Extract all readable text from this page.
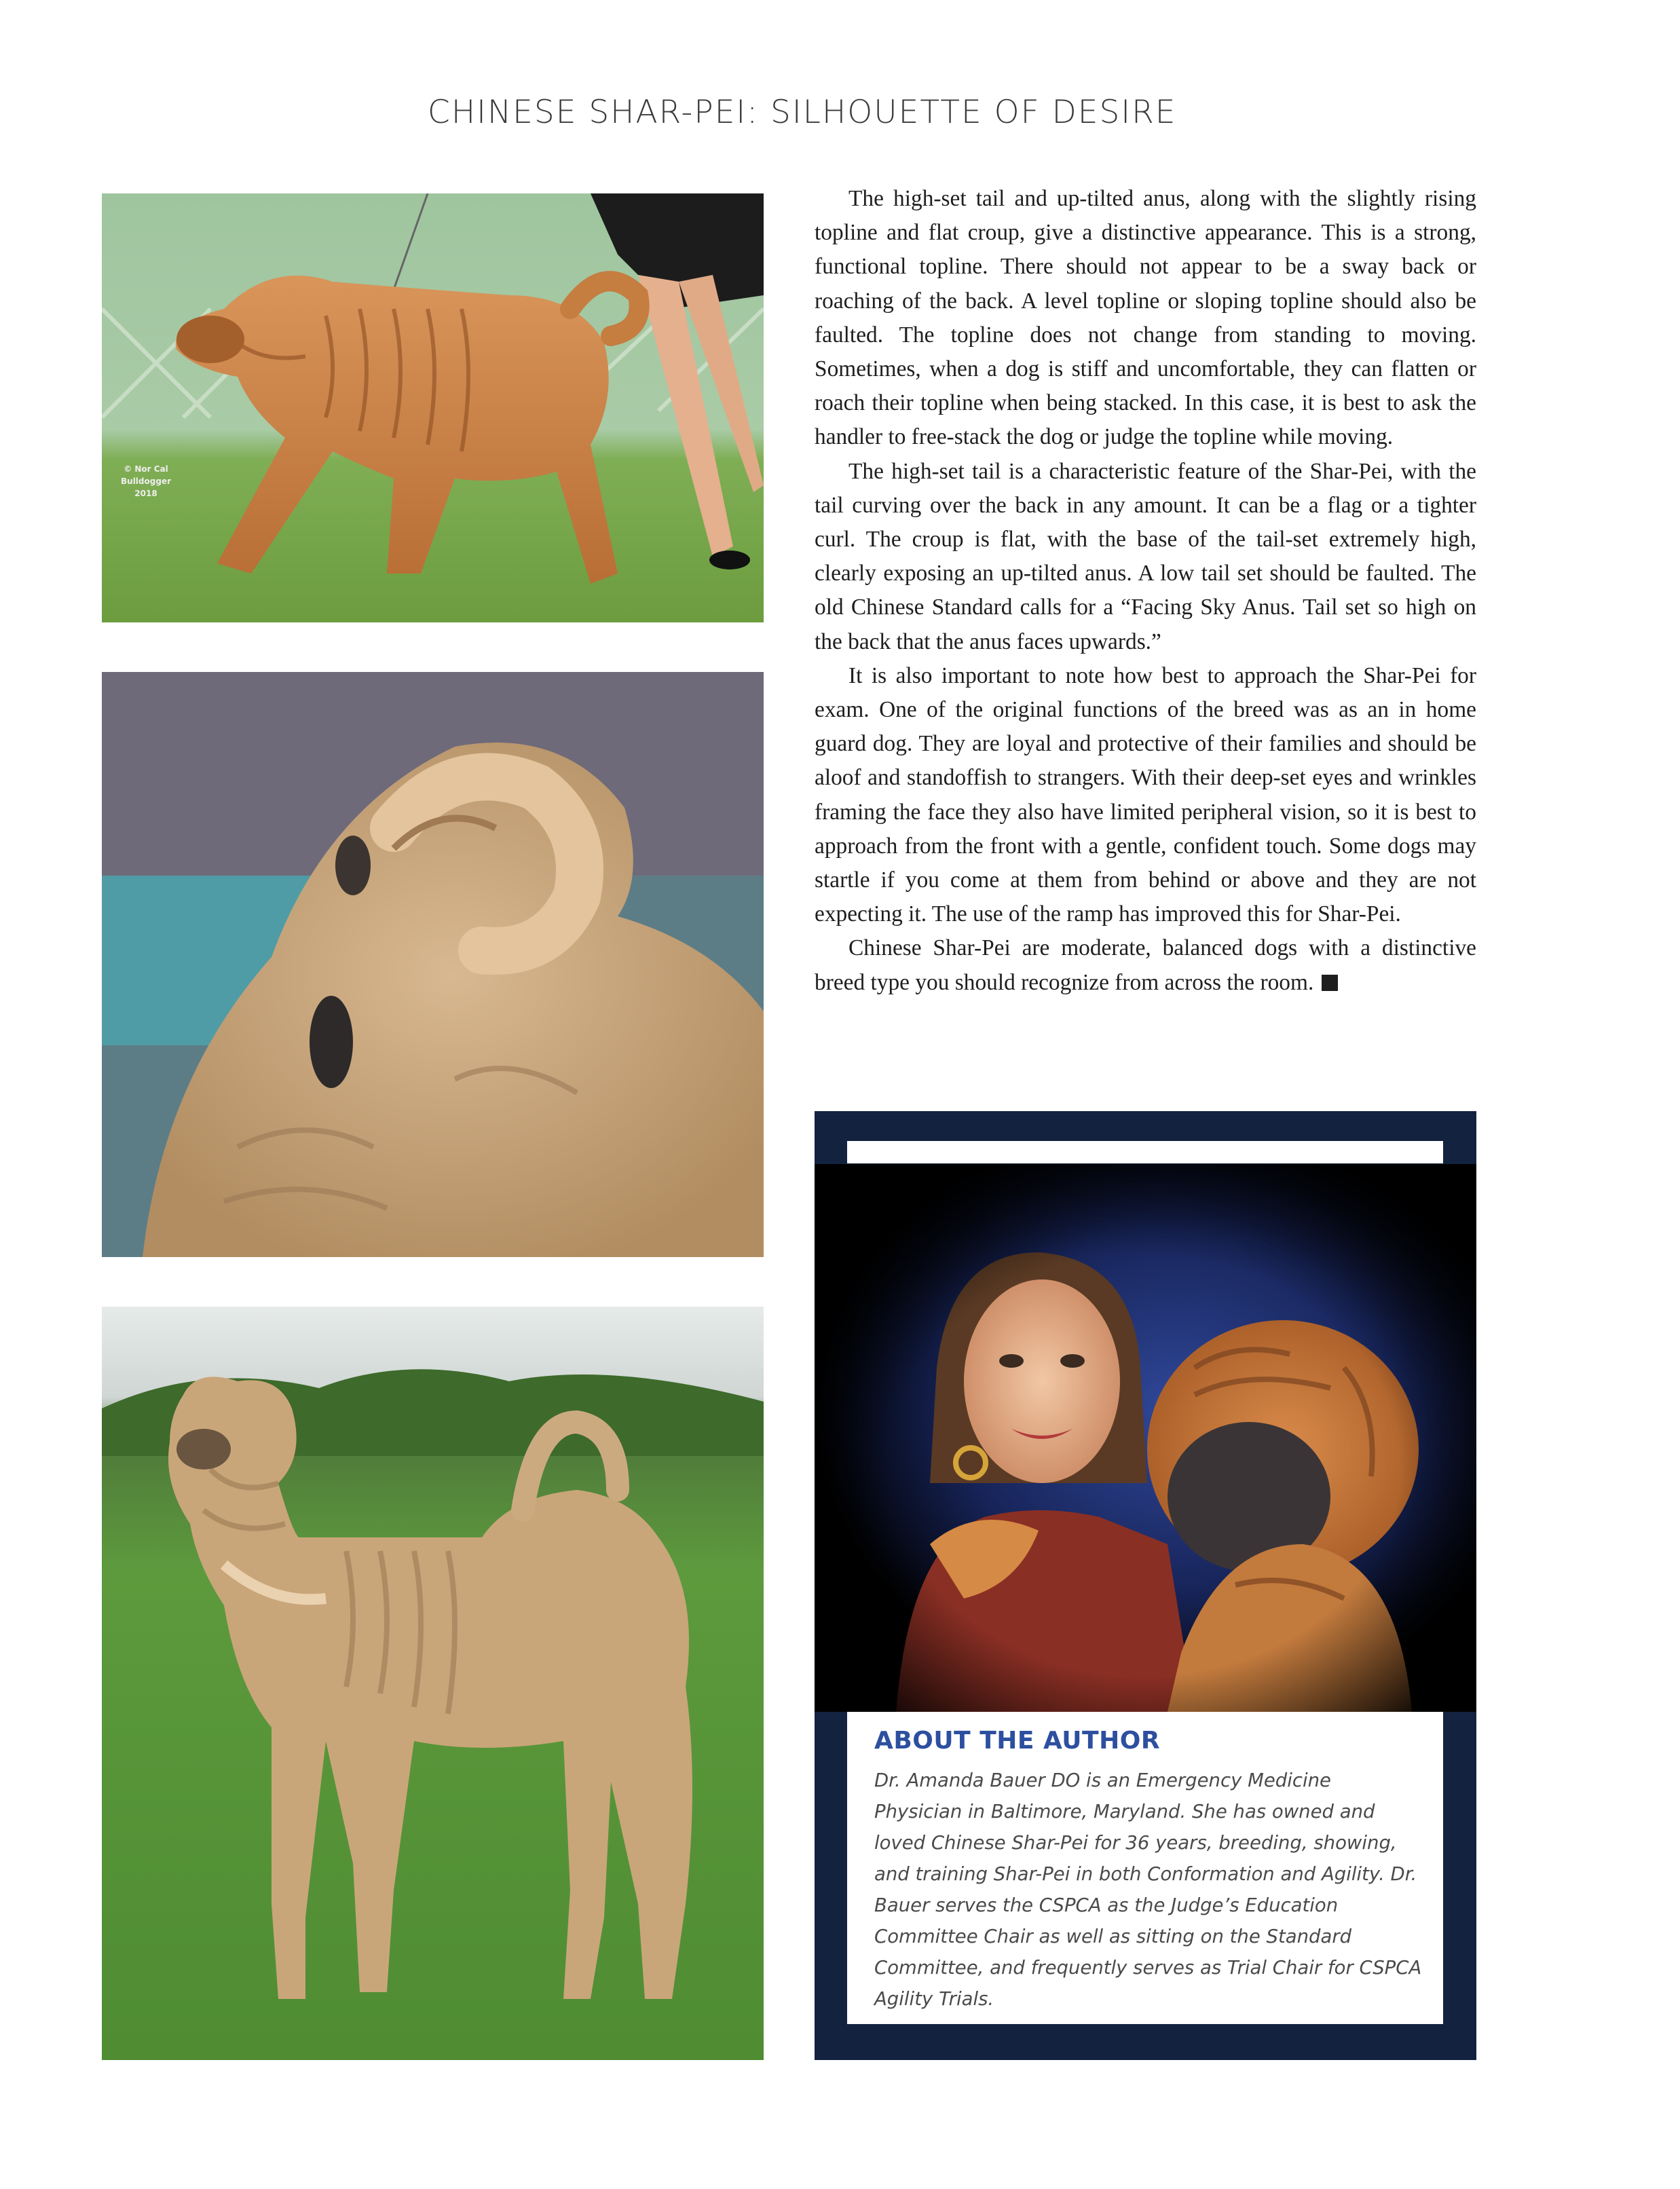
CHINESE SHAR-PEI: SILHOUETTE OF DESIRE
© Nor Cal
Bulldogger
2018

The high-set tail and up-tilted anus, along with the slightly rising topline and flat croup, give a distinctive appearance. This is a strong, functional topline. There should not appear to be a sway back or roaching of the back. A level topline or sloping topline should also be faulted. The topline does not change from standing to moving. Sometimes, when a dog is stiff and uncomfortable, they can flatten or roach their topline when being stacked. In this case, it is best to ask the handler to free-stack the dog or judge the topline while moving.

The high-set tail is a characteristic feature of the Shar-Pei, with the tail curving over the back in any amount. It can be a flag or a tighter curl. The croup is flat, with the base of the tail-set extremely high, clearly exposing an up-tilted anus. A low tail set should be faulted. The old Chinese Standard calls for a “Facing Sky Anus. Tail set so high on the back that the anus faces upwards.”

It is also important to note how best to approach the Shar-Pei for exam. One of the original functions of the breed was as an in home guard dog. They are loyal and protective of their families and should be aloof and standoffish to strangers. With their deep-set eyes and wrinkles framing the face they also have limited peripheral vision, so it is best to approach from the front with a gentle, confident touch. Some dogs may startle if you come at them from behind or above and they are not expecting it. The use of the ramp has improved this for Shar-Pei.

Chinese Shar-Pei are moderate, balanced dogs with a distinctive breed type you should recognize from across the room.

ABOUT THE AUTHOR
Dr. Amanda Bauer DO is an Emergency Medicine Physician in Baltimore, Maryland. She has owned and loved Chinese Shar-Pei for 36 years, breeding, showing, and training Shar-Pei in both Conformation and Agility. Dr. Bauer serves the CSPCA as the Judge’s Education Committee Chair as well as sitting on the Standard Committee, and frequently serves as Trial Chair for CSPCA Agility Trials.
